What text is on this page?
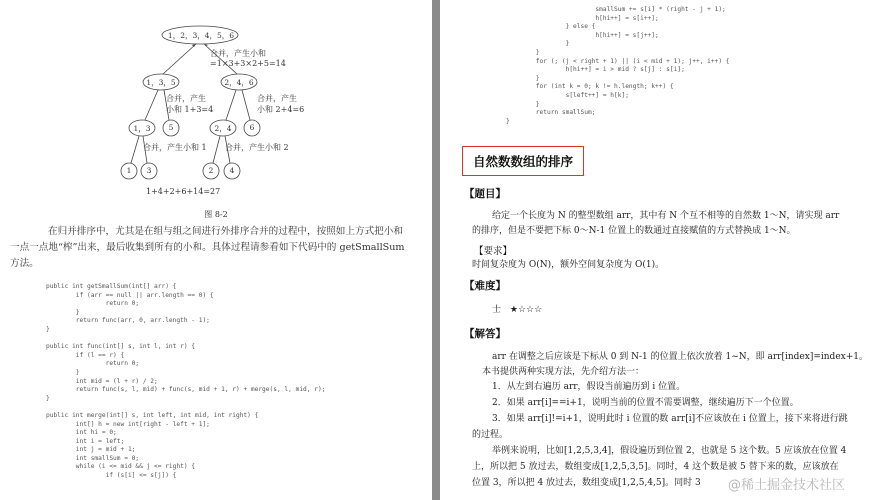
1，2，3，4，5，6
合并，产生小和
=1×3+3×2+5=14
1，3，5	2，4，6
合并，产生
小和 1+3=4
合并，产生
小和 2+4=6
1，3	5	2，4	6
合并，产生小和 1 合并，产生小和 2
1	3	2	4
1+4+2+6+14=27
图 8-2
在归并排序中，尤其是在组与组之间进行外排序合并的过程中，按照如上方式把小和
一点一点地“榨”出来，最后收集到所有的小和。具体过程请参看如下代码中的 getSmallSum
方法。
public int getSmallSum(int[] arr) {
if (arr == null || arr.length == 0) {
return 0;
}
return func(arr, 0, arr.length - 1);
}

public int func(int[] s, int l, int r) {
if (l == r) {
return 0;
}
int mid = (l + r) / 2;
return func(s, l, mid) + func(s, mid + 1, r) + merge(s, l, mid, r);
}

public int merge(int[] s, int left, int mid, int right) {
int[] h = new int[right - left + 1];
int hi = 0;
int i = left;
int j = mid + 1;
int smallSum = 0;
while (i <= mid && j <= right) {
if (s[i] <= s[j]) {
smallSum += s[i] * (right - j + 1);
h[hi++] = s[i++];
} else {
h[hi++] = s[j++];
}
}
for (; (j < right + 1) || (i < mid + 1); j++, i++) {
h[hi++] = i > mid ? s[j] : s[i];
}
for (int k = 0; k != h.length; k++) {
s[left++] = h[k];
}
return smallSum;
}
自然数数组的排序
【题目】
给定一个长度为 N 的整型数组 arr，其中有 N 个互不相等的自然数 1～N，请实现 arr
的排序，但是不要把下标 0～N-1 位置上的数通过直接赋值的方式替换成 1～N。
【要求】
时间复杂度为 O(N)，额外空间复杂度为 O(1)。
【难度】
士 ★☆☆☆
【解答】
arr 在调整之后应该是下标从 0 到 N-1 的位置上依次放着 1~N，即 arr[index]=index+1。
本书提供两种实现方法，先介绍方法一：
1．从左到右遍历 arr，假设当前遍历到 i 位置。
2．如果 arr[i]==i+1，说明当前的位置不需要调整，继续遍历下一个位置。
3．如果 arr[i]!=i+1，说明此时 i 位置的数 arr[i]不应该放在 i 位置上，接下来将进行跳
的过程。
举例来说明，比如[1,2,5,3,4]，假设遍历到位置 2，也就是 5 这个数。5 应该放在位置 4
上，所以把 5 放过去，数组变成[1,2,5,3,5]。同时，4 这个数是被 5 替下来的数，应该放在
位置 3，所以把 4 放过去，数组变成[1,2,5,4,5]。同时 3 @稀土掘金技术社区
